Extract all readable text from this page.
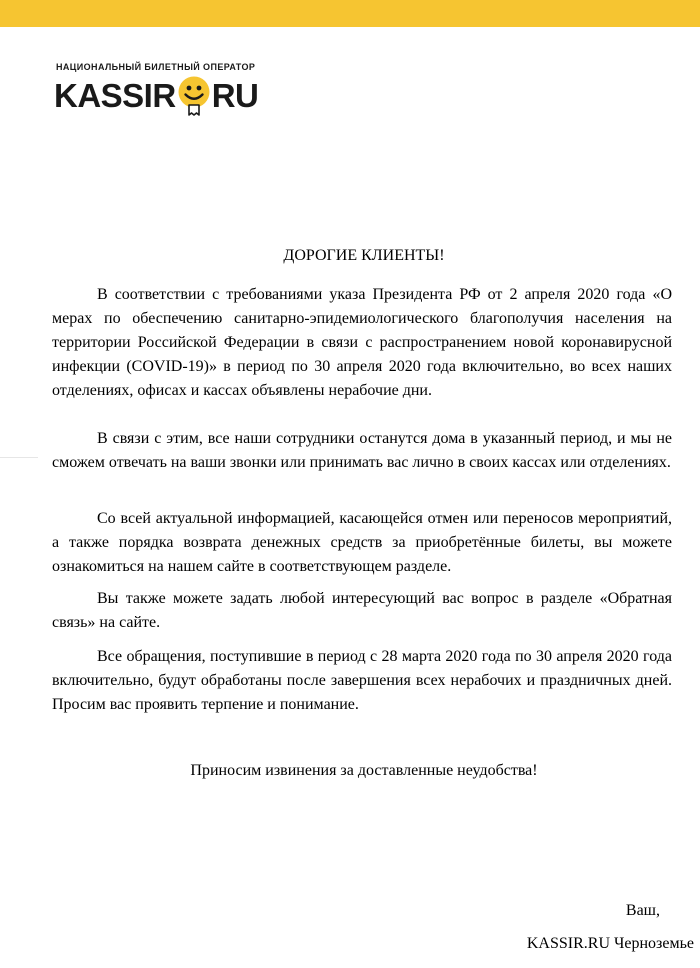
НАЦИОНАЛЬНЫЙ БИЛЕТНЫЙ ОПЕРАТОР
KASSIR RU
ДОРОГИЕ КЛИЕНТЫ!

В соответствии с требованиями указа Президента РФ от 2 апреля 2020 года «О мерах по обеспечению санитарно-эпидемиологического благополучия населения на территории Российской Федерации в связи с распространением новой коронавирусной инфекции (COVID-19)» в период по 30 апреля 2020 года включительно, во всех наших отделениях, офисах и кассах объявлены нерабочие дни.

В связи с этим, все наши сотрудники останутся дома в указанный период, и мы не сможем отвечать на ваши звонки или принимать вас лично в своих кассах или отделениях.

Со всей актуальной информацией, касающейся отмен или переносов мероприятий, а также порядка возврата денежных средств за приобретённые билеты, вы можете ознакомиться на нашем сайте в соответствующем разделе.

Вы также можете задать любой интересующий вас вопрос в разделе «Обратная связь» на сайте.

Все обращения, поступившие в период с 28 марта 2020 года по 30 апреля 2020 года включительно, будут обработаны после завершения всех нерабочих и праздничных дней. Просим вас проявить терпение и понимание.

Приносим извинения за доставленные неудобства!
Ваш,
KASSIR.RU Черноземье
